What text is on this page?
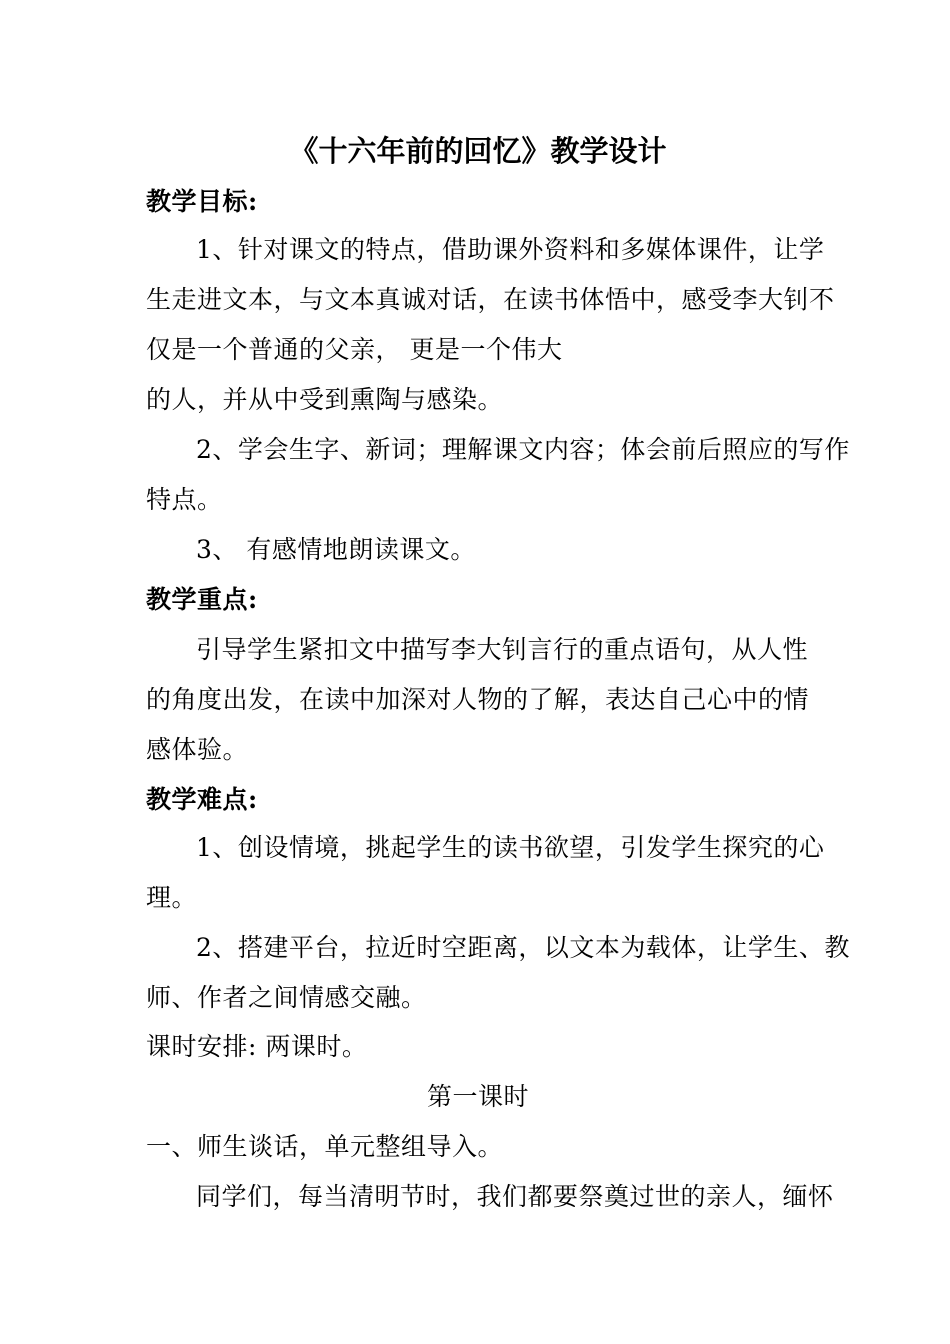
《十六年前的回忆》教学设计
教学目标:
1、针对课文的特点，借助课外资料和多媒体课件，让学
生走进文本，与文本真诚对话，在读书体悟中，感受李大钊不
仅是一个普通的父亲， 更是一个伟大
的人，并从中受到熏陶与感染。
2、学会生字、新词；理解课文内容；体会前后照应的写作
特点。
3、 有感情地朗读课文。
教学重点:
引导学生紧扣文中描写李大钊言行的重点语句，从人性
的角度出发，在读中加深对人物的了解，表达自己心中的情
感体验。
教学难点:
1、创设情境，挑起学生的读书欲望，引发学生探究的心
理。
2、搭建平台，拉近时空距离，以文本为载体，让学生、教
师、作者之间情感交融。
课时安排: 两课时。
第一课时
一、师生谈话，单元整组导入。
同学们，每当清明节时，我们都要祭奠过世的亲人，缅怀
